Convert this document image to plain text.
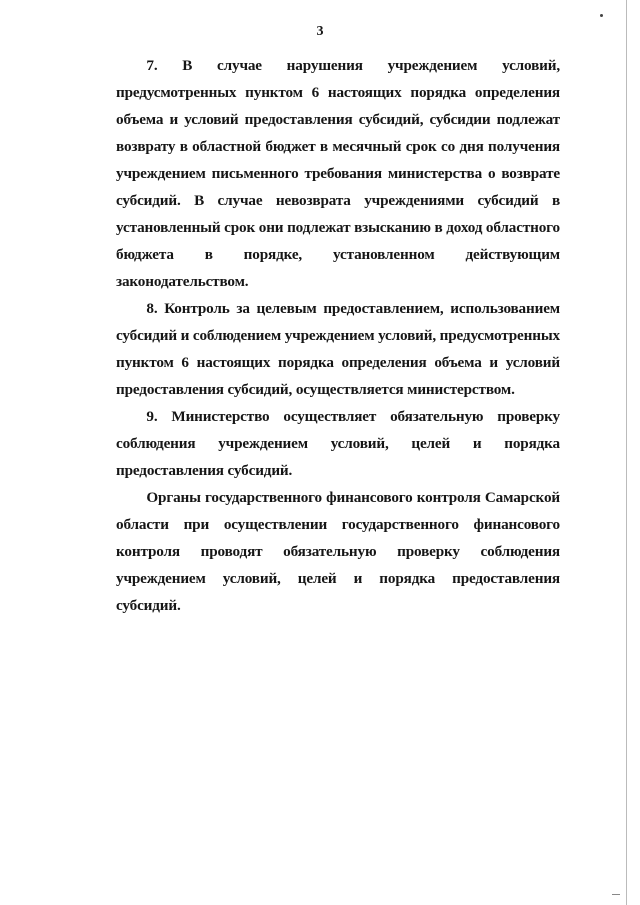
3

7. В случае нарушения учреждением условий, предусмотренных пунктом 6 настоящих порядка определения объема и условий предоставления субсидий, субсидии подлежат возврату в областной бюджет в месячный срок со дня получения учреждением письменного требования министерства о возврате субсидий. В случае невозврата учреждениями субсидий в установленный срок они подлежат взысканию в доход областного бюджета в порядке, установленном действующим законодательством.

8. Контроль за целевым предоставлением, использованием субсидий и соблюдением учреждением условий, предусмотренных пунктом 6 настоящих порядка определения объема и условий предоставления субсидий, осуществляется министерством.

9. Министерство осуществляет обязательную проверку соблюдения учреждением условий, целей и порядка предоставления субсидий.

Органы государственного финансового контроля Самарской области при осуществлении государственного финансового контроля проводят обязательную проверку соблюдения учреждением условий, целей и порядка предоставления субсидий.
